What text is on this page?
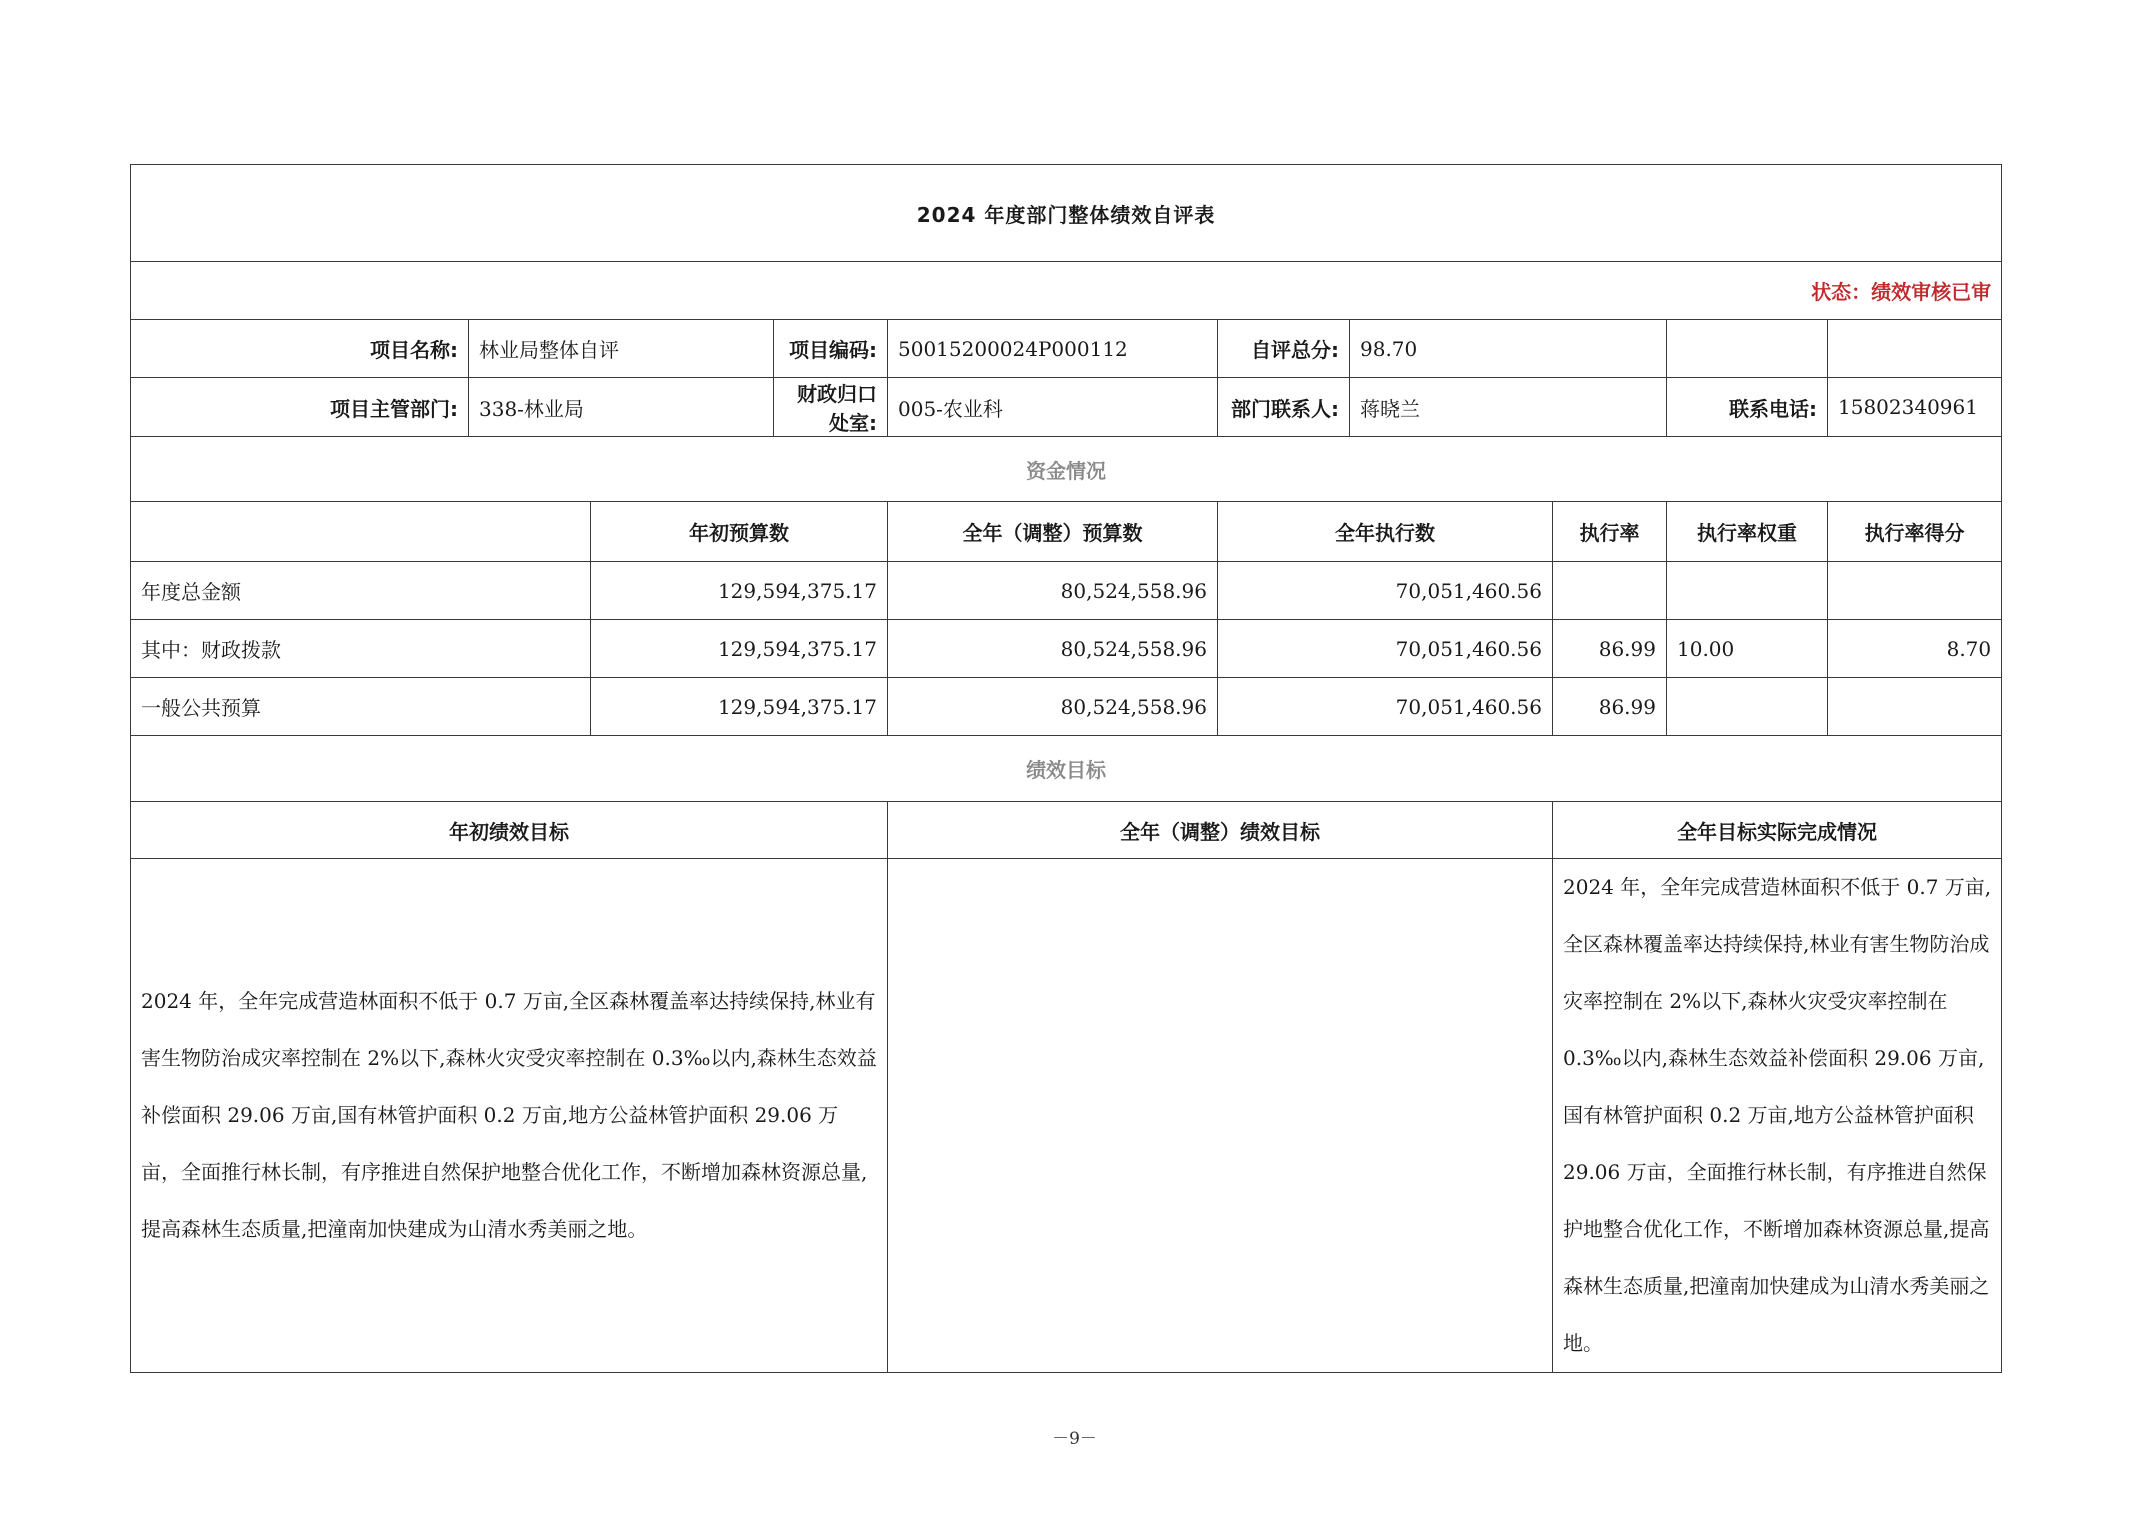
2024 年度部门整体绩效自评表									
状态：绩效审核已审									
项目名称:	林业局整体自评		项目编码:	50015200024P000112	自评总分:	98.70			
项目主管部门:	338-林业局		财政归口处室:	005-农业科	部门联系人:	蒋晓兰		联系电话:	15802340961
资金情况									
		年初预算数		全年（调整）预算数	全年执行数		执行率	执行率权重	执行率得分
年度总金额		129,594,375.17		80,524,558.96	70,051,460.56				
其中：财政拨款		129,594,375.17		80,524,558.96	70,051,460.56		86.99	10.00	8.70
一般公共预算		129,594,375.17		80,524,558.96	70,051,460.56		86.99		
绩效目标									
年初绩效目标				全年（调整）绩效目标			全年目标实际完成情况		
2024 年，全年完成营造林面积不低于 0.7 万亩,全区森林覆盖率达持续保持,林业有害生物防治成灾率控制在 2%以下,森林火灾受灾率控制在 0.3‰以内,森林生态效益补偿面积 29.06 万亩,国有林管护面积 0.2 万亩,地方公益林管护面积 29.06 万亩，全面推行林长制，有序推进自然保护地整合优化工作，不断增加森林资源总量,提高森林生态质量,把潼南加快建成为山清水秀美丽之地。							2024 年，全年完成营造林面积不低于 0.7 万亩,全区森林覆盖率达持续保持,林业有害生物防治成灾率控制在 2%以下,森林火灾受灾率控制在 0.3‰以内,森林生态效益补偿面积 29.06 万亩,国有林管护面积 0.2 万亩,地方公益林管护面积 29.06 万亩，全面推行林长制，有序推进自然保护地整合优化工作，不断增加森林资源总量,提高森林生态质量,把潼南加快建成为山清水秀美丽之地。		
－9－
